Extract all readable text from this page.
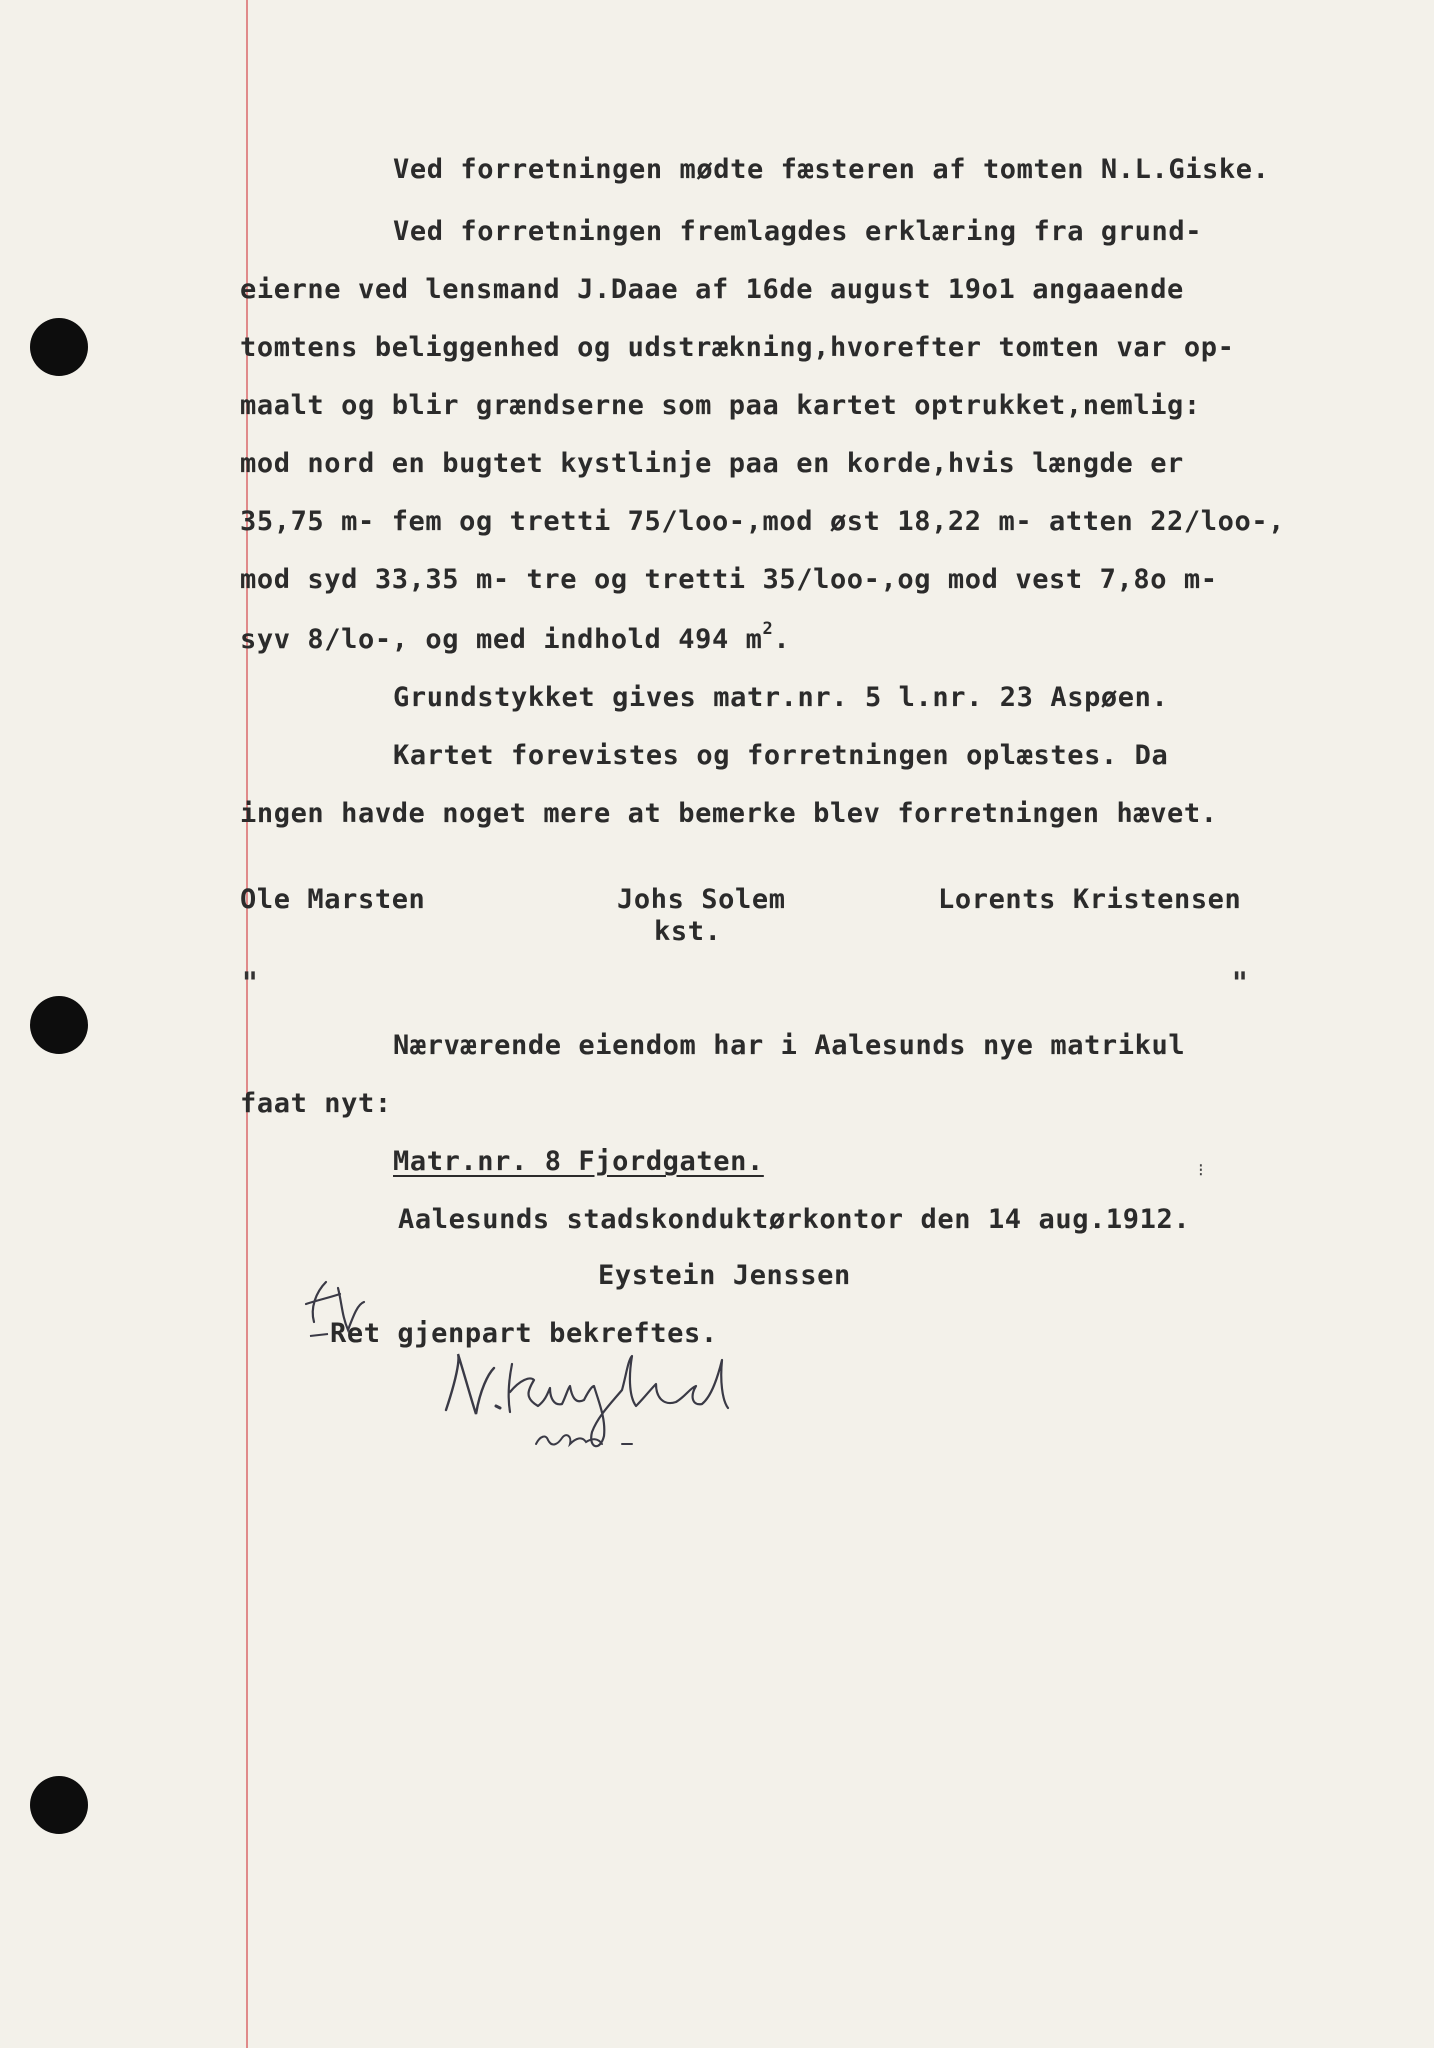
Ved forretningen mødte fæsteren af tomten N.L.Giske.
Ved forretningen fremlagdes erklæring fra grund-
eierne ved lensmand J.Daae af 16de august 19o1 angaaende
tomtens beliggenhed og udstrækning,hvorefter tomten var op-
maalt og blir grændserne som paa kartet optrukket,nemlig:
mod nord en bugtet kystlinje paa en korde,hvis længde er
35,75 m- fem og tretti 75/loo-,mod øst 18,22 m- atten 22/loo-,
mod syd 33,35 m- tre og tretti 35/loo-,og mod vest 7,8o m-
syv 8/lo-, og med indhold 494 $m^2$.
Grundstykket gives matr.nr. 5 l.nr. 23 Aspøen.
Kartet forevistes og forretningen oplæstes. Da
ingen havde noget mere at bemerke blev forretningen hævet.
Ole Marsten	Johs Solem
kst.
Lorents Kristensen
"	"
Nærværende eiendom har i Aalesunds nye matrikul
faat nyt:
Matr.nr. 8 Fjordgaten.	⁝
Aalesunds stadskonduktørkontor den 14 aug.1912.
Eystein Jenssen
Ret gjenpart bekreftes.
